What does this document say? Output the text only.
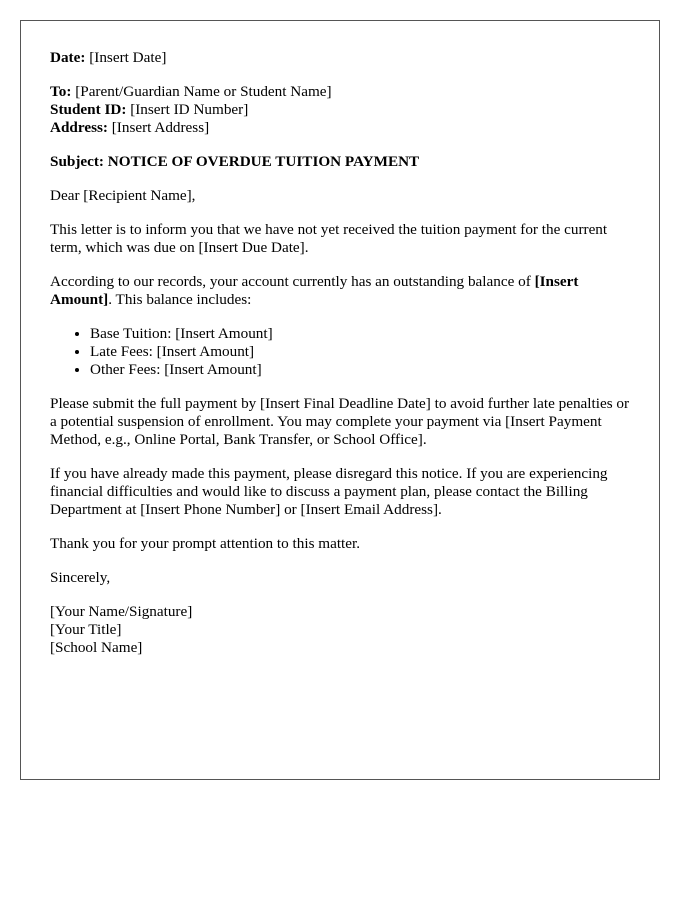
Date: [Insert Date]
To: [Parent/Guardian Name or Student Name]
Student ID: [Insert ID Number]
Address: [Insert Address]
Subject: NOTICE OF OVERDUE TUITION PAYMENT

Dear [Recipient Name],

This letter is to inform you that we have not yet received the tuition payment for the current term, which was due on [Insert Due Date].

According to our records, your account currently has an outstanding balance of [Insert Amount]. This balance includes:

• Base Tuition: [Insert Amount]
• Late Fees: [Insert Amount]
• Other Fees: [Insert Amount]

Please submit the full payment by [Insert Final Deadline Date] to avoid further late penalties or a potential suspension of enrollment. You may complete your payment via [Insert Payment Method, e.g., Online Portal, Bank Transfer, or School Office].

If you have already made this payment, please disregard this notice. If you are experiencing financial difficulties and would like to discuss a payment plan, please contact the Billing Department at [Insert Phone Number] or [Insert Email Address].

Thank you for your prompt attention to this matter.

Sincerely,

[Your Name/Signature]
[Your Title]
[School Name]
